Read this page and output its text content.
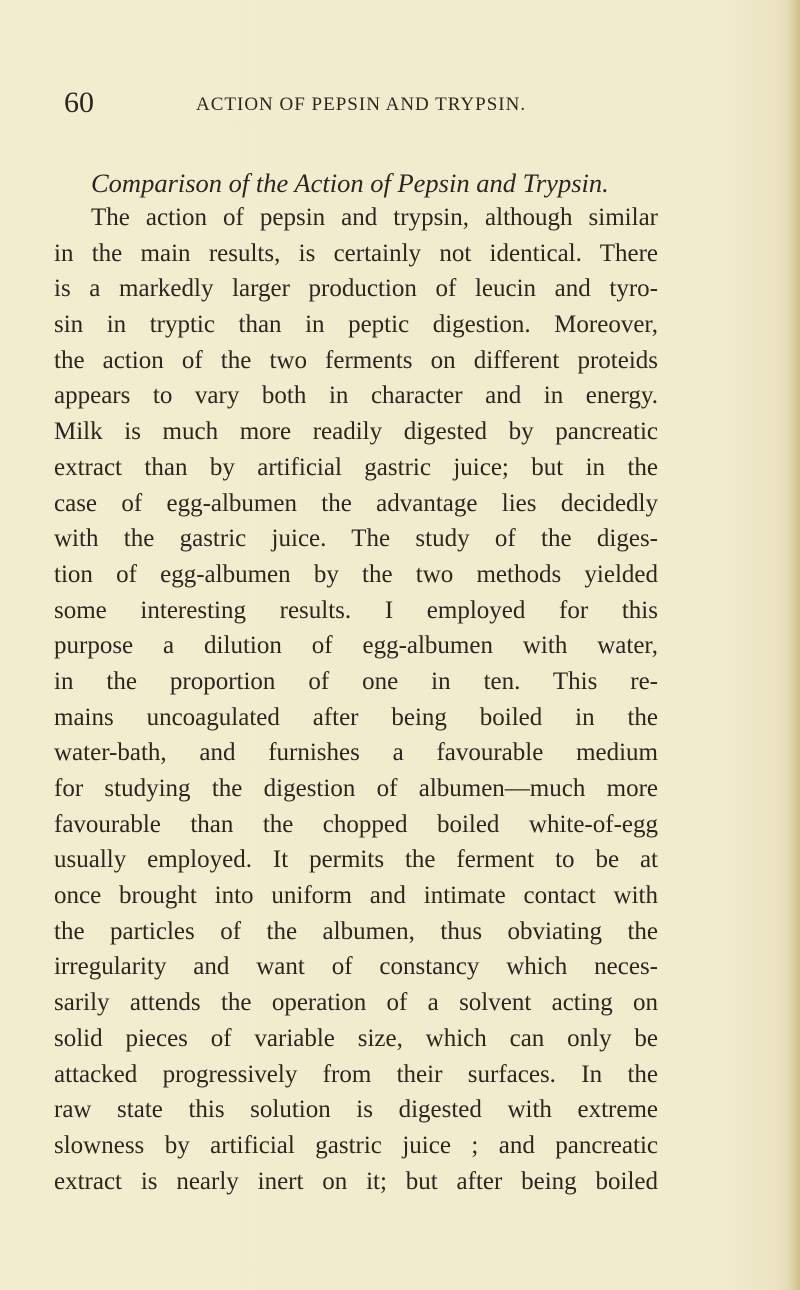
60	ACTION OF PEPSIN AND TRYPSIN.
Comparison of the Action of Pepsin and Trypsin.
The action of pepsin and trypsin, although similar
in the main results, is certainly not identical. There
is a markedly larger production of leucin and tyro-
sin in tryptic than in peptic digestion. Moreover,
the action of the two ferments on different proteids
appears to vary both in character and in energy.
Milk is much more readily digested by pancreatic
extract than by artificial gastric juice; but in the
case of egg-albumen the advantage lies decidedly
with the gastric juice. The study of the diges-
tion of egg-albumen by the two methods yielded
some interesting results. I employed for this
purpose a dilution of egg-albumen with water,
in the proportion of one in ten. This re-
mains uncoagulated after being boiled in the
water-bath, and furnishes a favourable medium
for studying the digestion of albumen—much more
favourable than the chopped boiled white-of-egg
usually employed. It permits the ferment to be at
once brought into uniform and intimate contact with
the particles of the albumen, thus obviating the
irregularity and want of constancy which neces-
sarily attends the operation of a solvent acting on
solid pieces of variable size, which can only be
attacked progressively from their surfaces. In the
raw state this solution is digested with extreme
slowness by artificial gastric juice ; and pancreatic
extract is nearly inert on it; but after being boiled
